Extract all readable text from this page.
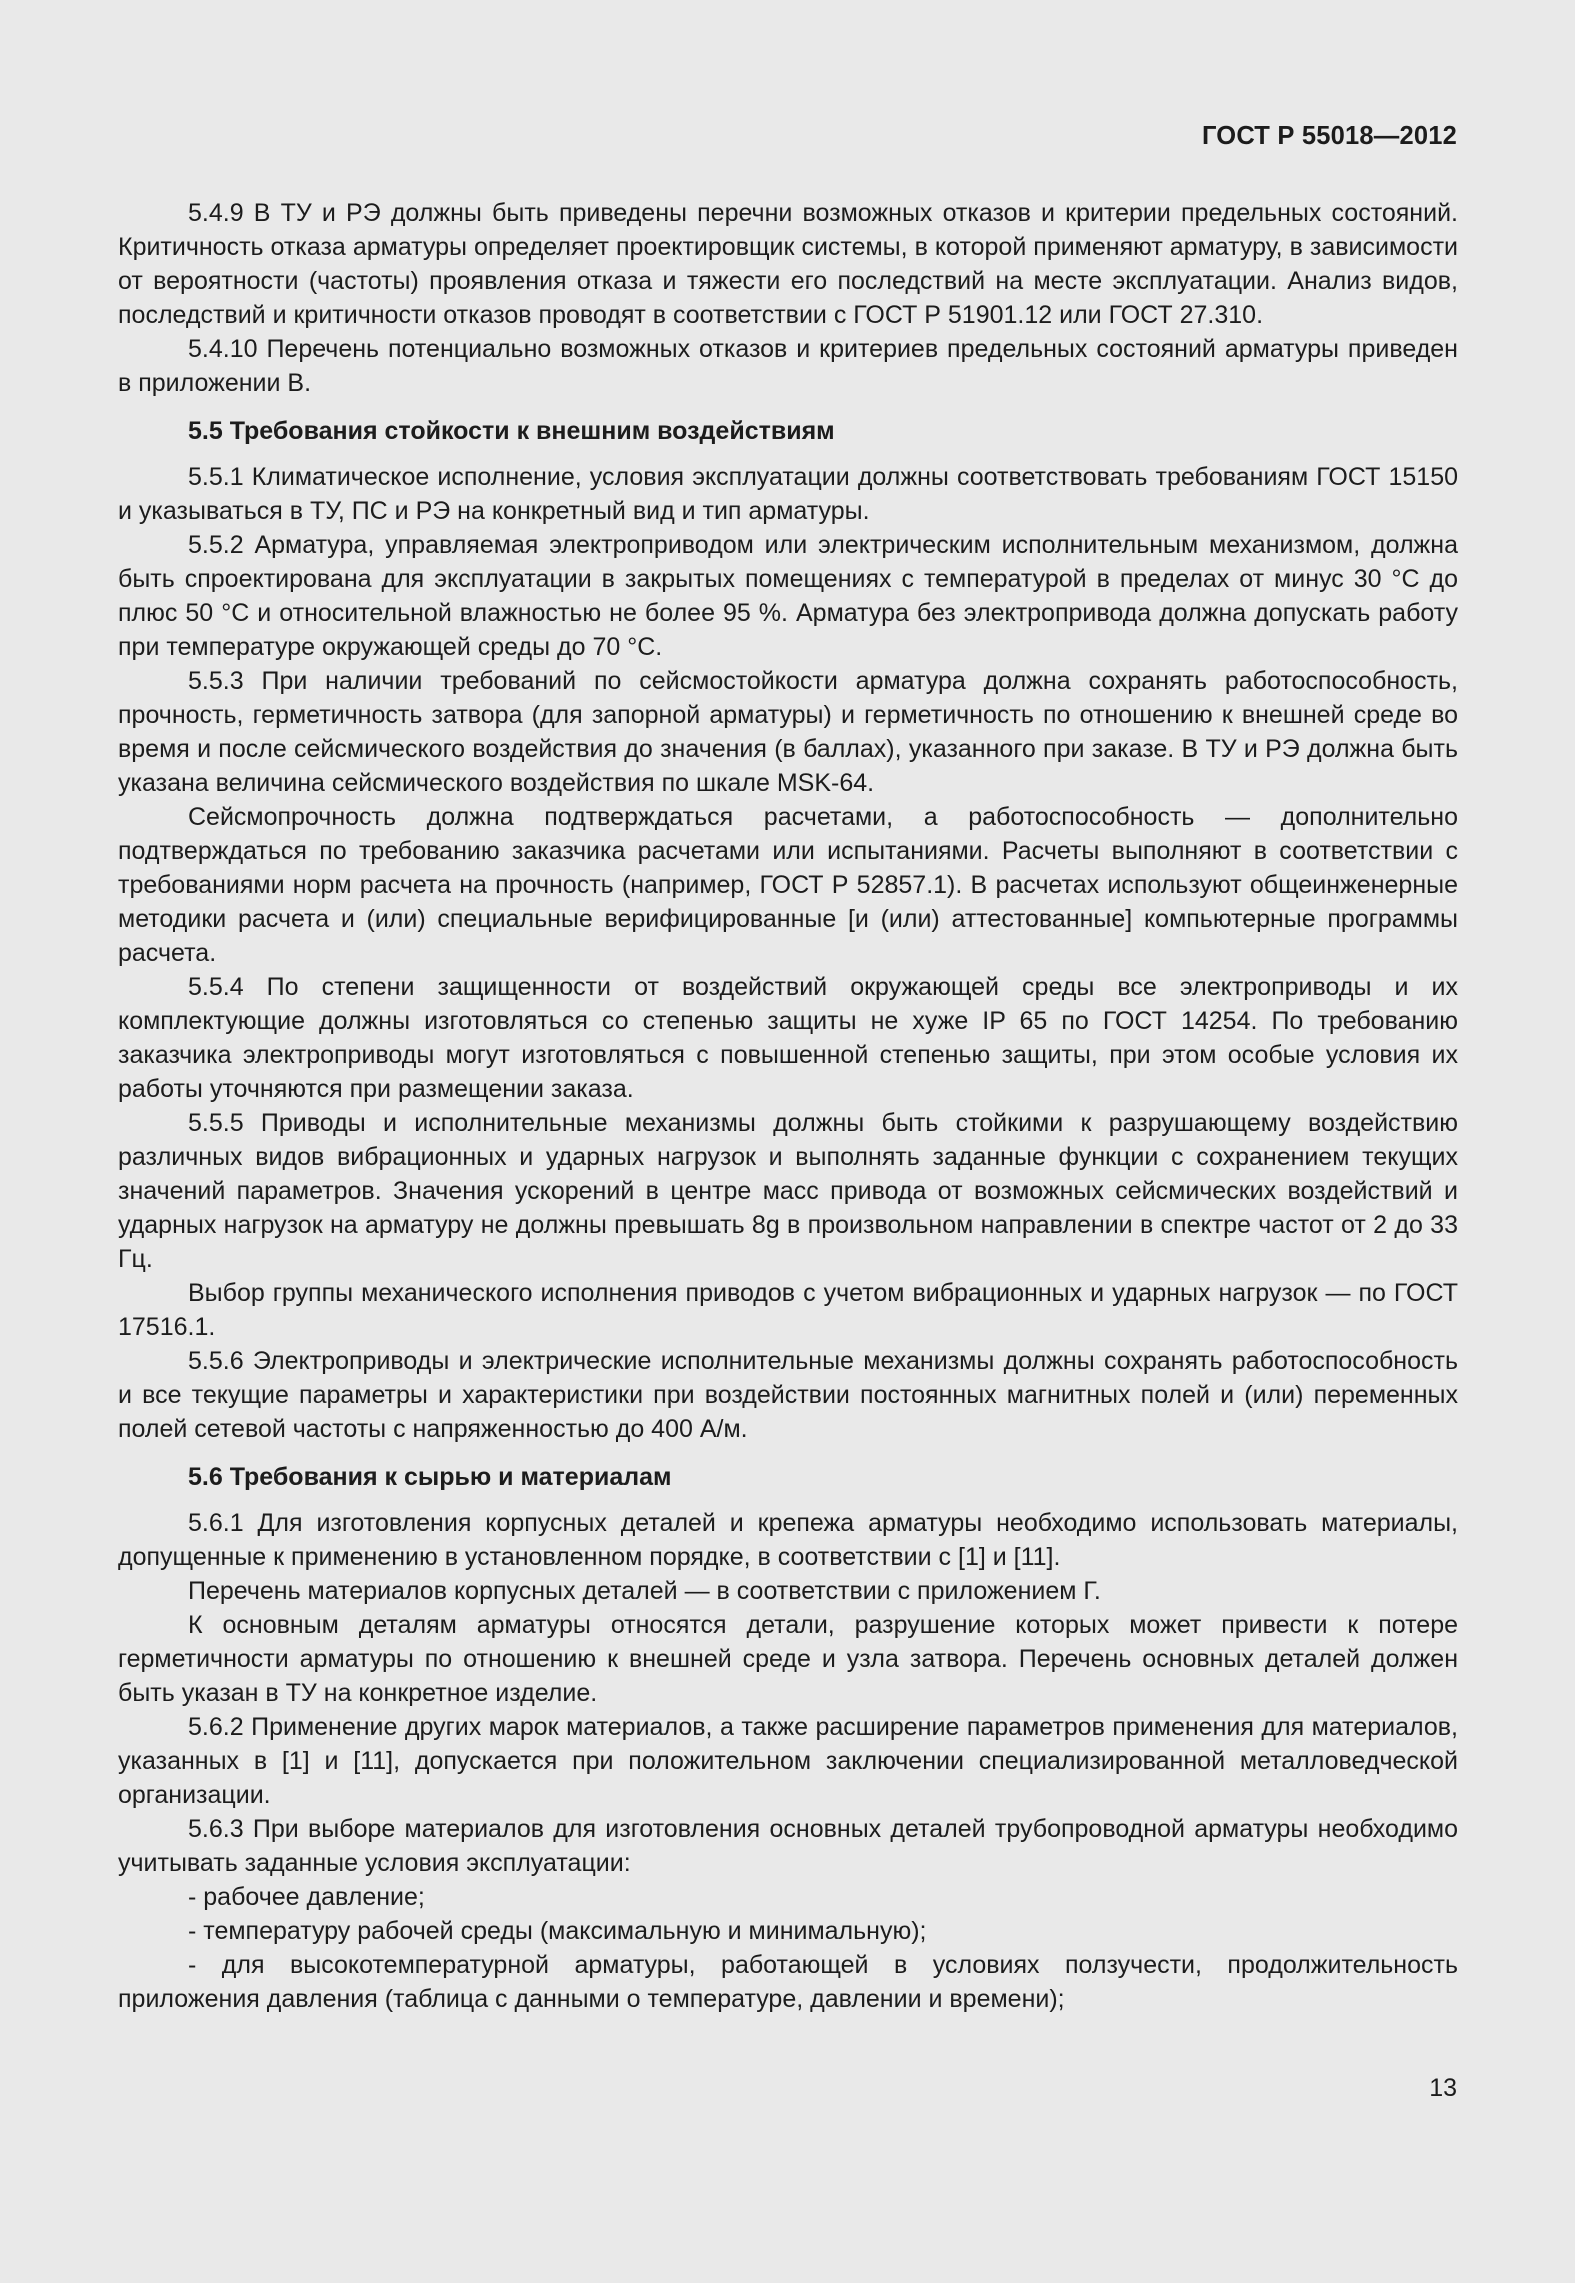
ГОСТ Р 55018—2012

5.4.9 В ТУ и РЭ должны быть приведены перечни возможных отказов и критерии предельных состояний. Критичность отказа арматуры определяет проектировщик системы, в которой применяют арматуру, в зависимости от вероятности (частоты) проявления отказа и тяжести его последствий на месте эксплуатации. Анализ видов, последствий и критичности отказов проводят в соответствии с ГОСТ Р 51901.12 или ГОСТ 27.310.

5.4.10 Перечень потенциально возможных отказов и критериев предельных состояний арматуры приведен в приложении В.

5.5 Требования стойкости к внешним воздействиям

5.5.1 Климатическое исполнение, условия эксплуатации должны соответствовать требованиям ГОСТ 15150 и указываться в ТУ, ПС и РЭ на конкретный вид и тип арматуры.

5.5.2 Арматура, управляемая электроприводом или электрическим исполнительным механизмом, должна быть спроектирована для эксплуатации в закрытых помещениях с температурой в пределах от минус 30 °C до плюс 50 °C и относительной влажностью не более 95 %. Арматура без электропривода должна допускать работу при температуре окружающей среды до 70 °C.

5.5.3 При наличии требований по сейсмостойкости арматура должна сохранять работоспособность, прочность, герметичность затвора (для запорной арматуры) и герметичность по отношению к внешней среде во время и после сейсмического воздействия до значения (в баллах), указанного при заказе. В ТУ и РЭ должна быть указана величина сейсмического воздействия по шкале MSK-64.

Сейсмопрочность должна подтверждаться расчетами, а работоспособность — дополнительно подтверждаться по требованию заказчика расчетами или испытаниями. Расчеты выполняют в соответствии с требованиями норм расчета на прочность (например, ГОСТ Р 52857.1). В расчетах используют общеинженерные методики расчета и (или) специальные верифицированные [и (или) аттестованные] компьютерные программы расчета.

5.5.4 По степени защищенности от воздействий окружающей среды все электроприводы и их комплектующие должны изготовляться со степенью защиты не хуже IP 65 по ГОСТ 14254. По требованию заказчика электроприводы могут изготовляться с повышенной степенью защиты, при этом особые условия их работы уточняются при размещении заказа.

5.5.5 Приводы и исполнительные механизмы должны быть стойкими к разрушающему воздействию различных видов вибрационных и ударных нагрузок и выполнять заданные функции с сохранением текущих значений параметров. Значения ускорений в центре масс привода от возможных сейсмических воздействий и ударных нагрузок на арматуру не должны превышать 8g в произвольном направлении в спектре частот от 2 до 33 Гц.

Выбор группы механического исполнения приводов с учетом вибрационных и ударных нагрузок — по ГОСТ 17516.1.

5.5.6 Электроприводы и электрические исполнительные механизмы должны сохранять работоспособность и все текущие параметры и характеристики при воздействии постоянных магнитных полей и (или) переменных полей сетевой частоты с напряженностью до 400 А/м.

5.6 Требования к сырью и материалам

5.6.1 Для изготовления корпусных деталей и крепежа арматуры необходимо использовать материалы, допущенные к применению в установленном порядке, в соответствии с [1] и [11].

Перечень материалов корпусных деталей — в соответствии с приложением Г.

К основным деталям арматуры относятся детали, разрушение которых может привести к потере герметичности арматуры по отношению к внешней среде и узла затвора. Перечень основных деталей должен быть указан в ТУ на конкретное изделие.

5.6.2 Применение других марок материалов, а также расширение параметров применения для материалов, указанных в [1] и [11], допускается при положительном заключении специализированной металловедческой организации.

5.6.3 При выборе материалов для изготовления основных деталей трубопроводной арматуры необходимо учитывать заданные условия эксплуатации:

- рабочее давление;

- температуру рабочей среды (максимальную и минимальную);

- для высокотемпературной арматуры, работающей в условиях ползучести, продолжительность приложения давления (таблица с данными о температуре, давлении и времени);

13
